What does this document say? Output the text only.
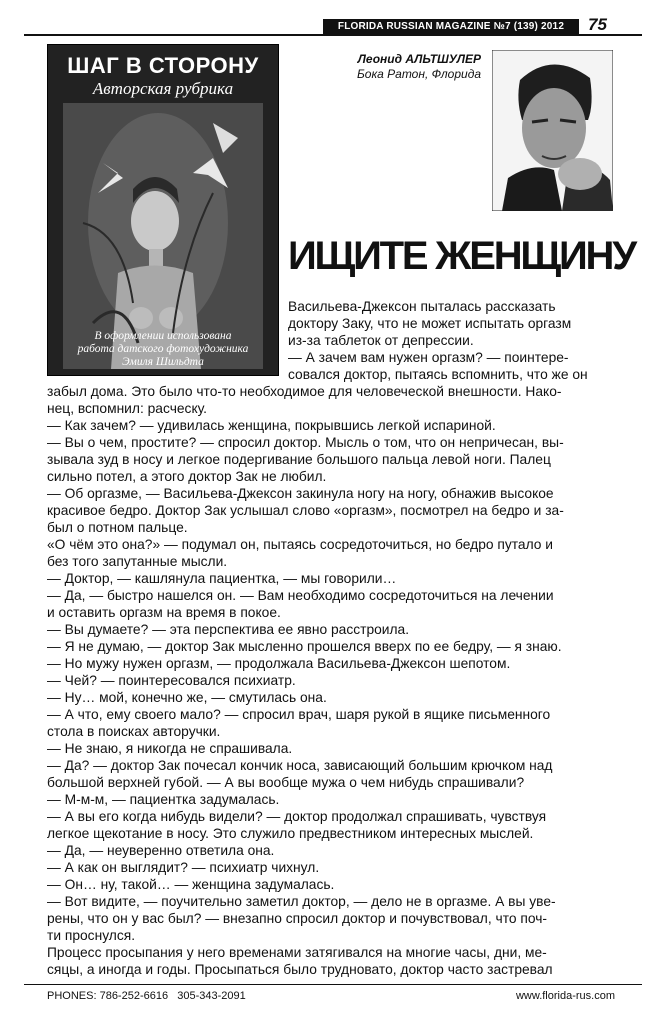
FLORIDA RUSSIAN MAGAZINE №7 (139) 2012	75
ШАГ В СТОРОНУ
Авторская рубрика
В оформлении использована
работа датского фотохудожника
Эмиля Шильдта
Леонид АЛЬТШУЛЕР
Бока Ратон, Флорида
ИЩИТЕ ЖЕНЩИНУ

Васильева-Джексон пыталась рассказать

доктору Заку, что не может испытать оргазм

из-за таблеток от депрессии.

— А зачем вам нужен оргазм? — поинтере-

совался доктор, пытаясь вспомнить, что же он

забыл дома. Это было что-то необходимое для человеческой внешности. Нако-

нец, вспомнил: расческу.

— Как зачем? — удивилась женщина, покрывшись легкой испариной.

— Вы о чем, простите? — спросил доктор. Мысль о том, что он непричесан, вы-

зывала зуд в носу и легкое подергивание большого пальца левой ноги. Палец

сильно потел, а этого доктор Зак не любил.

— Об оргазме, — Васильева-Джексон закинула ногу на ногу, обнажив высокое

красивое бедро. Доктор Зак услышал слово «оргазм», посмотрел на бедро и за-

был о потном пальце.

«О чём это она?» — подумал он, пытаясь сосредоточиться, но бедро путало и

без того запутанные мысли.

— Доктор, — кашлянула пациентка, — мы говорили…

— Да, — быстро нашелся он. — Вам необходимо сосредоточиться на лечении

и оставить оргазм на время в покое.

— Вы думаете? — эта перспектива ее явно расстроила.

— Я не думаю, — доктор Зак мысленно прошелся вверх по ее бедру, — я знаю.

— Но мужу нужен оргазм, — продолжала Васильева-Джексон шепотом.

— Чей? — поинтересовался психиатр.

— Ну… мой, конечно же, — смутилась она.

— А что, ему своего мало? — спросил врач, шаря рукой в ящике письменного

стола в поисках авторучки.

— Не знаю, я никогда не спрашивала.

— Да? — доктор Зак почесал кончик носа, зависающий большим крючком над

большой верхней губой. — А вы вообще мужа о чем нибудь спрашивали?

— М-м-м, — пациентка задумалась.

— А вы его когда нибудь видели? — доктор продолжал спрашивать, чувствуя

легкое щекотание в носу. Это служило предвестником интересных мыслей.

— Да, — неуверенно ответила она.

— А как он выглядит? — психиатр чихнул.

— Он… ну, такой… — женщина задумалась.

— Вот видите, — поучительно заметил доктор, — дело не в оргазме. А вы уве-

рены, что он у вас был? — внезапно спросил доктор и почувствовал, что поч-

ти проснулся.

Процесс просыпания у него временами затягивался на многие часы, дни, ме-

сяцы, а иногда и годы. Просыпаться было трудновато, доктор часто застревал

PHONES: 786-252-6616 305-343-2091	www.florida-rus.com
